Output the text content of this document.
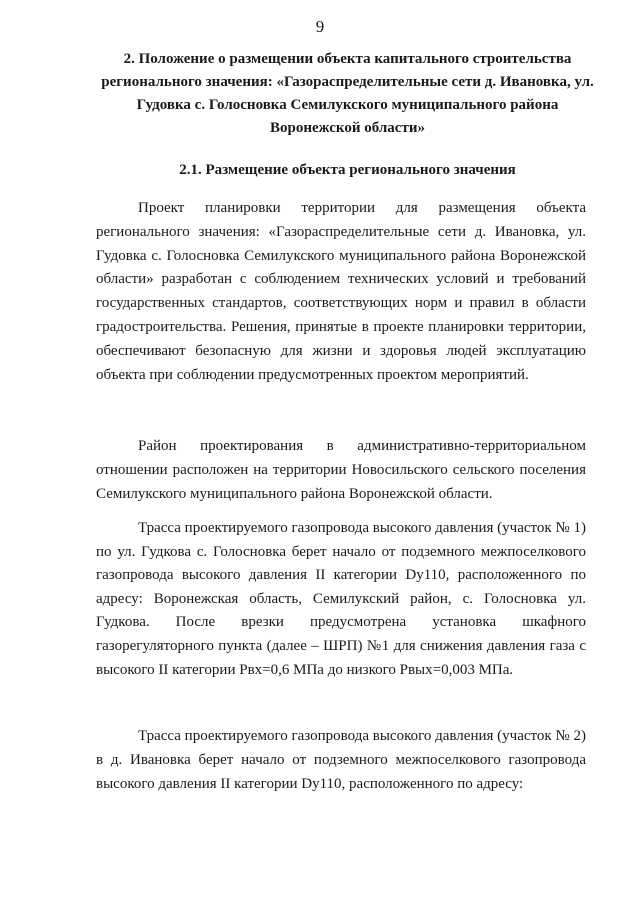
9
2. Положение о размещении объекта капитального строительства регионального значения: «Газораспределительные сети д. Ивановка, ул. Гудовка с. Голосновка Семилукского муниципального района Воронежской области»
2.1. Размещение объекта регионального значения

Проект планировки территории для размещения объекта регионального значения: «Газораспределительные сети д. Ивановка, ул. Гудовка с. Голосновка Семилукского муниципального района Воронежской области» разработан с соблюдением технических условий и требований государственных стандартов, соответствующих норм и правил в области градостроительства. Решения, принятые в проекте планировки территории, обеспечивают безопасную для жизни и здоровья людей эксплуатацию объекта при соблюдении предусмотренных проектом мероприятий.

Район проектирования в административно-территориальном отношении расположен на территории Новосильского сельского поселения Семилукского муниципального района Воронежской области.

Трасса проектируемого газопровода высокого давления (участок № 1) по ул. Гудкова с. Голосновка берет начало от подземного межпоселкового газопровода высокого давления II категории Dy110, расположенного по адресу: Воронежская область, Семилукский район, с. Голосновка ул. Гудкова. После врезки предусмотрена установка шкафного газорегуляторного пункта (далее – ШРП) №1 для снижения давления газа с высокого II категории Рвх=0,6 МПа до низкого Рвых=0,003 МПа.

Трасса проектируемого газопровода высокого давления (участок № 2) в д. Ивановка берет начало от подземного межпоселкового газопровода высокого давления II категории Dy110, расположенного по адресу:
